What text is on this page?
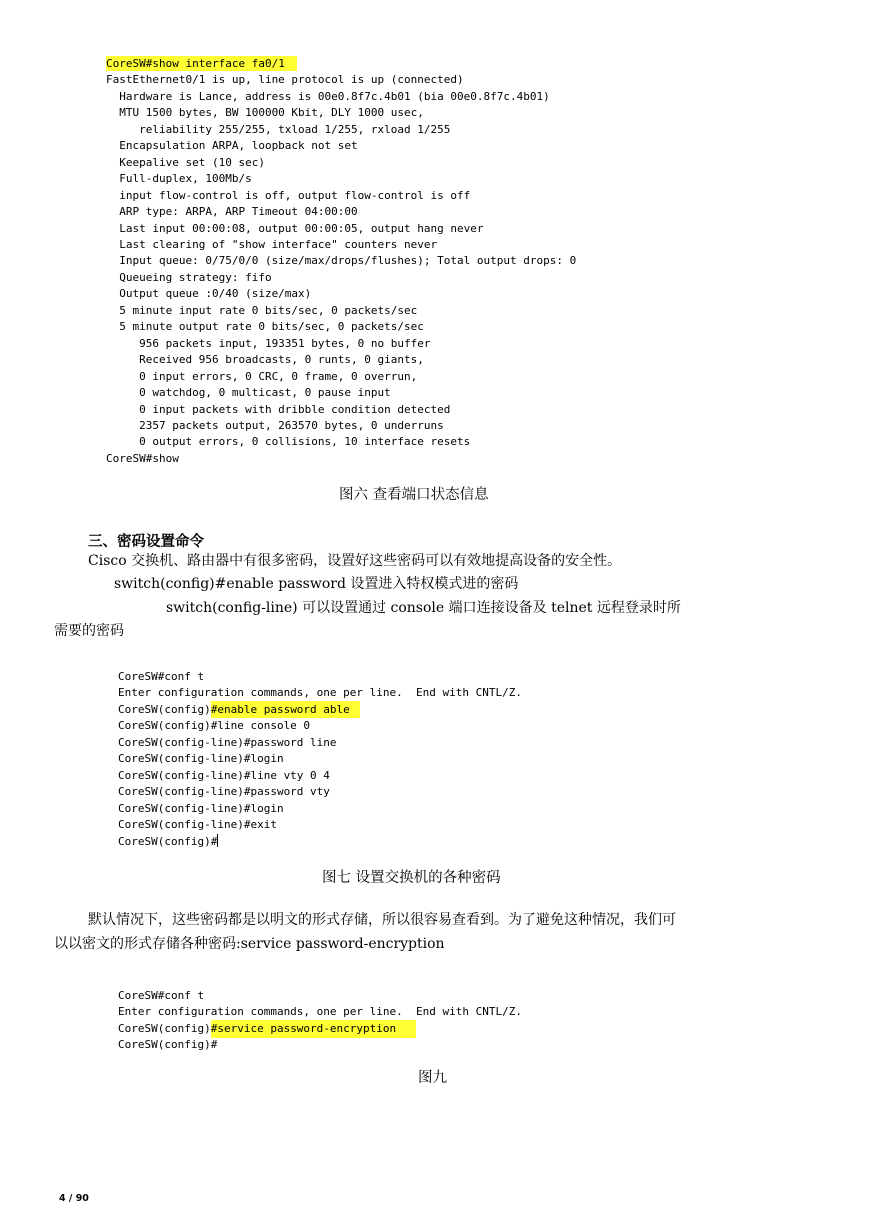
CoreSW#show interface fa0/1
FastEthernet0/1 is up, line protocol is up (connected)
Hardware is Lance, address is 00e0.8f7c.4b01 (bia 00e0.8f7c.4b01)
MTU 1500 bytes, BW 100000 Kbit, DLY 1000 usec,
reliability 255/255, txload 1/255, rxload 1/255
Encapsulation ARPA, loopback not set
Keepalive set (10 sec)
Full-duplex, 100Mb/s
input flow-control is off, output flow-control is off
ARP type: ARPA, ARP Timeout 04:00:00
Last input 00:00:08, output 00:00:05, output hang never
Last clearing of "show interface" counters never
Input queue: 0/75/0/0 (size/max/drops/flushes); Total output drops: 0
Queueing strategy: fifo
Output queue :0/40 (size/max)
5 minute input rate 0 bits/sec, 0 packets/sec
5 minute output rate 0 bits/sec, 0 packets/sec
956 packets input, 193351 bytes, 0 no buffer
Received 956 broadcasts, 0 runts, 0 giants,
0 input errors, 0 CRC, 0 frame, 0 overrun,
0 watchdog, 0 multicast, 0 pause input
0 input packets with dribble condition detected
2357 packets output, 263570 bytes, 0 underruns
0 output errors, 0 collisions, 10 interface resets
CoreSW#show
图六 查看端口状态信息
三、密码设置命令
Cisco 交换机、路由器中有很多密码，设置好这些密码可以有效地提高设备的安全性。
switch(config)#enable password 设置进入特权模式进的密码
switch(config-line) 可以设置通过 console 端口连接设备及 telnet 远程登录时所
需要的密码
CoreSW#conf t
Enter configuration commands, one per line.  End with CNTL/Z.
CoreSW(config)#enable password able
CoreSW(config)#line console 0
CoreSW(config-line)#password line
CoreSW(config-line)#login
CoreSW(config-line)#line vty 0 4
CoreSW(config-line)#password vty
CoreSW(config-line)#login
CoreSW(config-line)#exit
CoreSW(config)#
图七 设置交换机的各种密码
默认情况下，这些密码都是以明文的形式存储，所以很容易查看到。为了避免这种情况，我们可
以以密文的形式存储各种密码:service password-encryption
CoreSW#conf t
Enter configuration commands, one per line.  End with CNTL/Z.
CoreSW(config)#service password-encryption
CoreSW(config)#
图九
4 / 90
